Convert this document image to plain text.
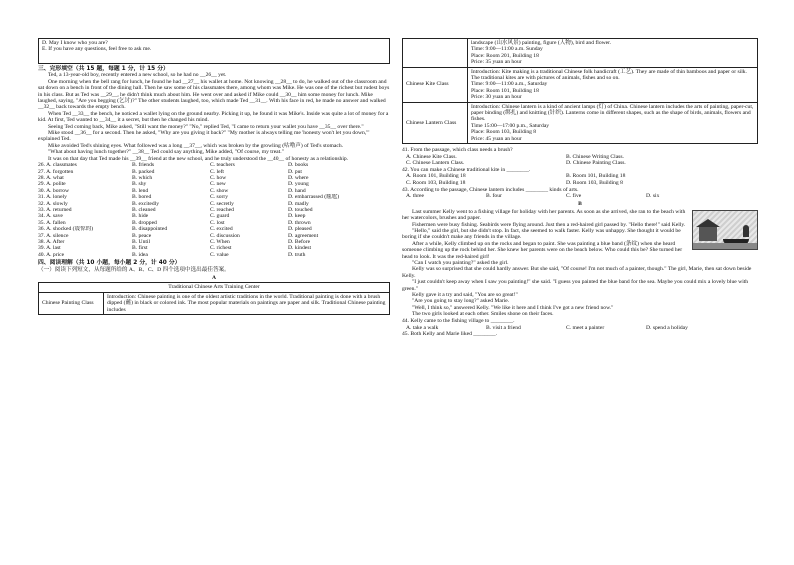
D. May I know who you are?

E. If you have any questions, feel free to ask me.

三、完形填空（共 15 题，每题 1 分，计 15 分）

Ted, a 13-year-old boy, recently entered a new school, so he had no __26__ yet.

One morning when the bell rang for lunch, he found he had __27__ his wallet at home. Not knowing __28__ to do, he walked out of the classroom and sat down on a bench in front of the dining hall. Then he saw some of his classmates there, among whom was Mike. He was one of the richest but rudest boys in his class. But as Ted was __29__, he didn't think much about him. He went over and asked if Mike could __30__ him some money for lunch. Mike laughed, saying, "Are you begging (乞讨)?" The other students laughed, too, which made Ted __31__. With his face in red, he made no answer and walked __32__ back towards the empty bench.

When Ted __33__ the bench, he noticed a wallet lying on the ground nearby. Picking it up, he found it was Mike's. Inside was quite a lot of money for a kid. At first, Ted wanted to __34__ it a secret, but then he changed his mind.

Seeing Ted coming back, Mike asked, "Still want the money?" "No," replied Ted, "I came to return your wallet you have __35__ over there."

Mike stood __36__ for a second. Then he asked, "Why are you giving it back?" "My mother is always telling me 'honesty won't let you down,'" explained Ted.

Mike avoided Ted's shining eyes. What followed was a long __37__, which was broken by the growling (咕噜声) of Ted's stomach.

"What about having lunch together?" __38__ Ted could say anything, Mike added, "Of course, my treat."

It was on that day that Ted made his __39__ friend at the new school, and he truly understood the __40__ of honesty as a relationship.

26. A. classmates	B. friends	C. teachers	D. books
27. A. forgotten	B. packed	C. left	D. put
28. A. what	B. which	C. how	D. where
29. A. polite	B. shy	C. new	D. young
30. A. borrow	B. lend	C. show	D. hand
31. A. lonely	B. bored	C. sorry	D. embarrassed (尴尬)
32. A. slowly	B. excitedly	C. secretly	D. madly
33. A. returned	B. cleaned	C. reached	D. touched
34. A. save	B. hide	C. guard	D. keep
35. A. fallen	B. dropped	C. lost	D. thrown
36. A. shocked (震惊的)	B. disappointed	C. excited	D. pleased
37. A. silence	B. peace	C. discussion	D. agreement
38. A. After	B. Until	C. When	D. Before
39. A. last	B. first	C. richest	D. kindest
40. A. price	B. idea	C. value	D. truth

四、阅读理解（共 10 小题，每小题 2 分，计 40 分）

（一）阅读下列短文，从每题所给的 A、B、C、D 四个选项中选出最佳答案。

A

Traditional Chinese Arts Training Center
Chinese Painting Class	

Introduction: Chinese painting is one of the oldest artistic traditions in the world. Traditional painting is done with a brush dipped (蘸) in black or colored ink. The most popular materials on paintings are paper and silk. Traditional Chinese painting includes

	landscape (山水风景) painting, figure (人物), bird and flower.

Time: 9:00—11:00 a.m. Sunday

Place: Room 201, Building 18

Price: 35 yuan an hour

Chinese Kite Class	Introduction: Kite making is a traditional Chinese folk handicraft (工艺). They are made of thin bamboos and paper or silk. The traditional kites are with pictures of animals, fishes and so on.

Time: 9:00—11:00 a.m., Saturday

Place: Room 101, Building 18

Price: 30 yuan an hour

Chinese Lantern Class	Introduction: Chinese lantern is a kind of ancient lamps (灯) of China. Chinese lantern includes the arts of painting, paper-cut, paper binding (绑扎) and knitting (针织). Lanterns come in different shapes, such as the shape of birds, animals, flowers and fishes.

Time 15:00—17:00 p.m., Saturday

Place: Room 103, Building 8

Price: 45 yuan an hour

41. From the passage, which class needs a brush?

A. Chinese Kite Class.	B. Chinese Writing Class.
C. Chinese Lantern Class.	D. Chinese Painting Class.

42. You can make a Chinese traditional kite in ________.

A. Room 101, Building 18	B. Room 101, Building 18
C. Room 103, Building 18	D. Room 103, Building 8

43. According to the passage, Chinese lantern includes ________ kinds of arts.

A. three	B. four	C. five	D. six

B

Last summer Kelly went to a fishing village for holiday with her parents. As soon as she arrived, she ran to the beach with her watercolors, brushes and paper.

Fishermen were busy fishing. Seabirds were flying around. Just then a red-haired girl passed by. "Hello there!" said Kelly.

"Hello," said the girl, but she didn't stop. In fact, she seemed to walk faster. Kelly was unhappy. She thought it would be boring if she couldn't make any friends in the village.

After a while, Kelly climbed up on the rocks and began to paint. She was painting a blue band (条纹) when she heard someone climbing up the rock behind her. She knew her parents were on the beach below. Who could this be? She turned her head to look. It was the red-haired girl!

"Can I watch you painting?" asked the girl.

Kelly was so surprised that she could hardly answer. But she said, "Of course! I'm not much of a painter, though." The girl, Marie, then sat down beside Kelly.

"I just couldn't keep away when I saw you painting!" she said. "I guess you painted the blue band for the sea. Maybe you could mix a lovely blue with green."

Kelly gave it a try and said, "You are so great!"

"Are you going to stay long?" asked Marie.

"Well, I think so," answered Kelly. "We like it here and I think I've got a new friend now."

The two girls looked at each other. Smiles shone on their faces.

44. Kelly came to the fishing village to ________.

A. take a walk	B. visit a friend	C. meet a painter	D. spend a holiday

45. Both Kelly and Marie liked ________.
